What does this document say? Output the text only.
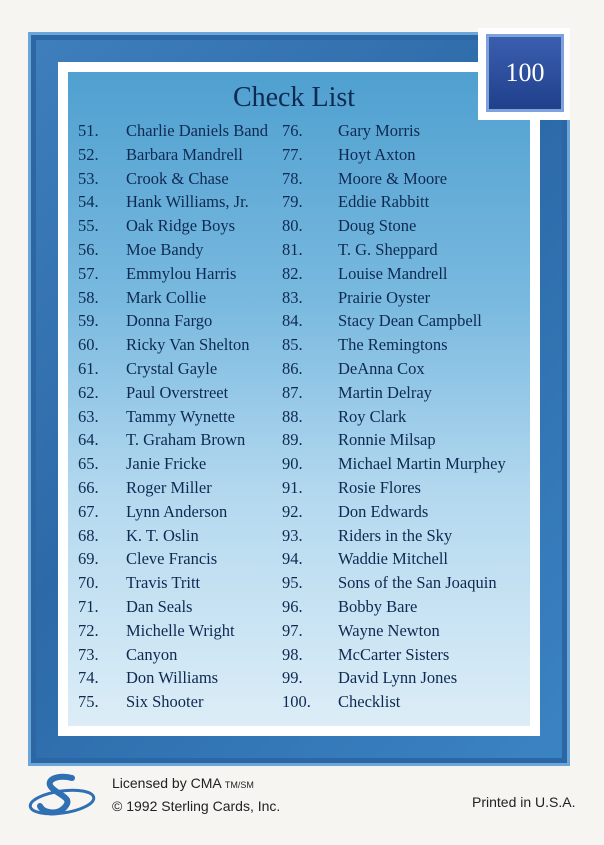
100
Check List
51.	Charlie Daniels Band
52.	Barbara Mandrell
53.	Crook & Chase
54.	Hank Williams, Jr.
55.	Oak Ridge Boys
56.	Moe Bandy
57.	Emmylou Harris
58.	Mark Collie
59.	Donna Fargo
60.	Ricky Van Shelton
61.	Crystal Gayle
62.	Paul Overstreet
63.	Tammy Wynette
64.	T. Graham Brown
65.	Janie Fricke
66.	Roger Miller
67.	Lynn Anderson
68.	K. T. Oslin
69.	Cleve Francis
70.	Travis Tritt
71.	Dan Seals
72.	Michelle Wright
73.	Canyon
74.	Don Williams
75.	Six Shooter
76.	Gary Morris
77.	Hoyt Axton
78.	Moore & Moore
79.	Eddie Rabbitt
80.	Doug Stone
81.	T. G. Sheppard
82.	Louise Mandrell
83.	Prairie Oyster
84.	Stacy Dean Campbell
85.	The Remingtons
86.	DeAnna Cox
87.	Martin Delray
88.	Roy Clark
89.	Ronnie Milsap
90.	Michael Martin Murphey
91.	Rosie Flores
92.	Don Edwards
93.	Riders in the Sky
94.	Waddie Mitchell
95.	Sons of the San Joaquin
96.	Bobby Bare
97.	Wayne Newton
98.	McCarter Sisters
99.	David Lynn Jones
100.	Checklist
Licensed by CMA TM/SM
© 1992 Sterling Cards, Inc.	Printed in U.S.A.
